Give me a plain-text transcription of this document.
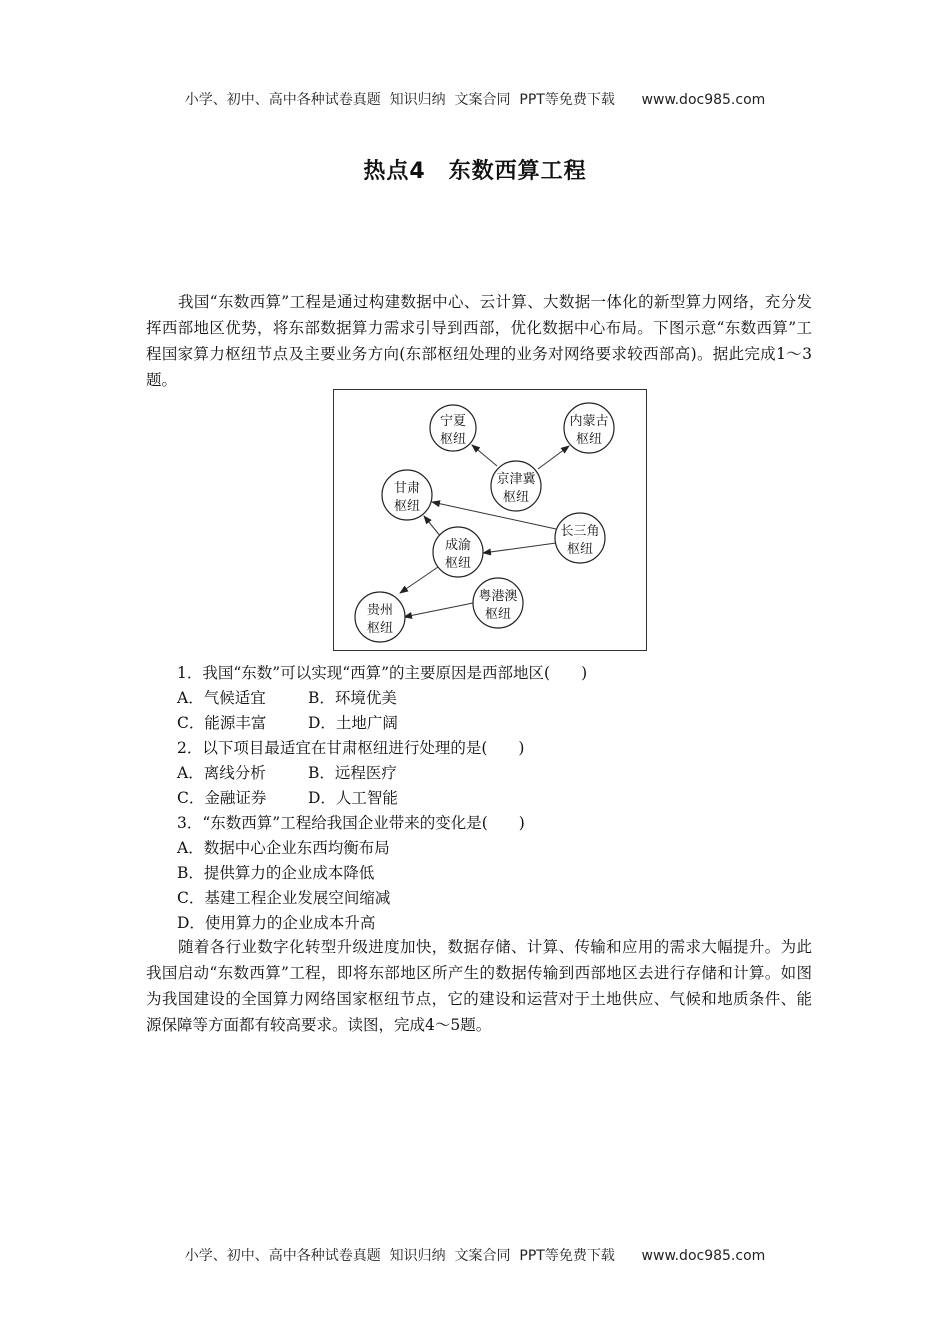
小学、初中、高中各种试卷真题  知识归纳  文案合同  PPT等免费下载      www.doc985.com
热点4　东数西算工程

我国“东数西算”工程是通过构建数据中心、云计算、大数据一体化的新型算力网络，充分发挥西部地区优势，将东部数据算力需求引导到西部，优化数据中心布局。下图示意“东数西算”工程国家算力枢纽节点及主要业务方向(东部枢纽处理的业务对网络要求较西部高)。据此完成1～3题。

宁夏
枢纽
内蒙古
枢纽
京津冀
枢纽
甘肃
枢纽
长三角
枢纽
成渝
枢纽
粤港澳
枢纽
贵州
枢纽
1．我国“东数”可以实现“西算”的主要原因是西部地区(　　)
A．气候适宜	B．环境优美
C．能源丰富	D．土地广阔
2．以下项目最适宜在甘肃枢纽进行处理的是(　　)
A．离线分析	B．远程医疗
C．金融证券	D．人工智能
3．“东数西算”工程给我国企业带来的变化是(　　)
A．数据中心企业东西均衡布局
B．提供算力的企业成本降低
C．基建工程企业发展空间缩减
D．使用算力的企业成本升高

随着各行业数字化转型升级进度加快，数据存储、计算、传输和应用的需求大幅提升。为此我国启动“东数西算”工程，即将东部地区所产生的数据传输到西部地区去进行存储和计算。如图为我国建设的全国算力网络国家枢纽节点，它的建设和运营对于土地供应、气候和地质条件、能源保障等方面都有较高要求。读图，完成4～5题。

小学、初中、高中各种试卷真题  知识归纳  文案合同  PPT等免费下载      www.doc985.com
